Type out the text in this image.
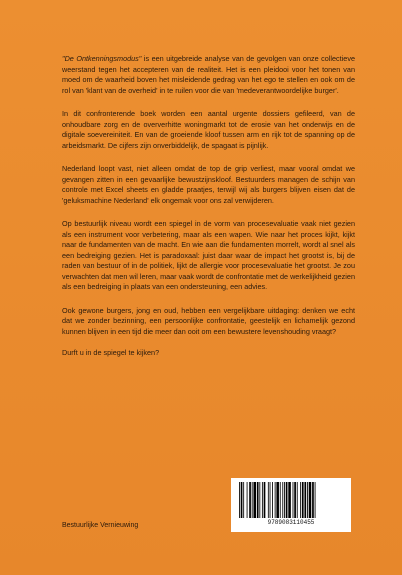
"De Ontkenningsmodus" is een uitgebreide analyse van de gevolgen van onze collectieve weerstand tegen het accepteren van de realiteit. Het is een pleidooi voor het tonen van moed om de waarheid boven het misleidende gedrag van het ego te stellen en ook om de rol van 'klant van de overheid' in te ruilen voor die van 'medeverantwoordelijke burger'.

In dit confronterende boek worden een aantal urgente dossiers gefileerd, van de onhoudbare zorg en de oververhitte woningmarkt tot de erosie van het onderwijs en de digitale soevereiniteit. En van de groeiende kloof tussen arm en rijk tot de spanning op de arbeidsmarkt. De cijfers zijn onverbiddelijk, de spagaat is pijnlijk.

Nederland loopt vast, niet alleen omdat de top de grip verliest, maar vooral omdat we gevangen zitten in een gevaarlijke bewustzijnskloof. Bestuurders managen de schijn van controle met Excel sheets en gladde praatjes, terwijl wij als burgers blijven eisen dat de 'geluksmachine Nederland' elk ongemak voor ons zal verwijderen.

Op bestuurlijk niveau wordt een spiegel in de vorm van procesevaluatie vaak niet gezien als een instrument voor verbetering, maar als een wapen. Wie naar het proces kijkt, kijkt naar de fundamenten van de macht. En wie aan die fundamenten morrelt, wordt al snel als een bedreiging gezien. Het is paradoxaal: juist daar waar de impact het grootst is, bij de raden van bestuur of in de politiek, lijkt de allergie voor procesevaluatie het grootst. Je zou verwachten dat men wil leren, maar vaak wordt de confrontatie met de werkelijkheid gezien als een bedreiging in plaats van een ondersteuning, een advies.

Ook gewone burgers, jong en oud, hebben een vergelijkbare uitdaging: denken we echt dat we zonder bezinning, een persoonlijke confrontatie, geestelijk en lichamelijk gezond kunnen blijven in een tijd die meer dan ooit om een bewustere levenshouding vraagt?

Durft u in de spiegel te kijken?

9789083110455
Bestuurlijke Vernieuwing
